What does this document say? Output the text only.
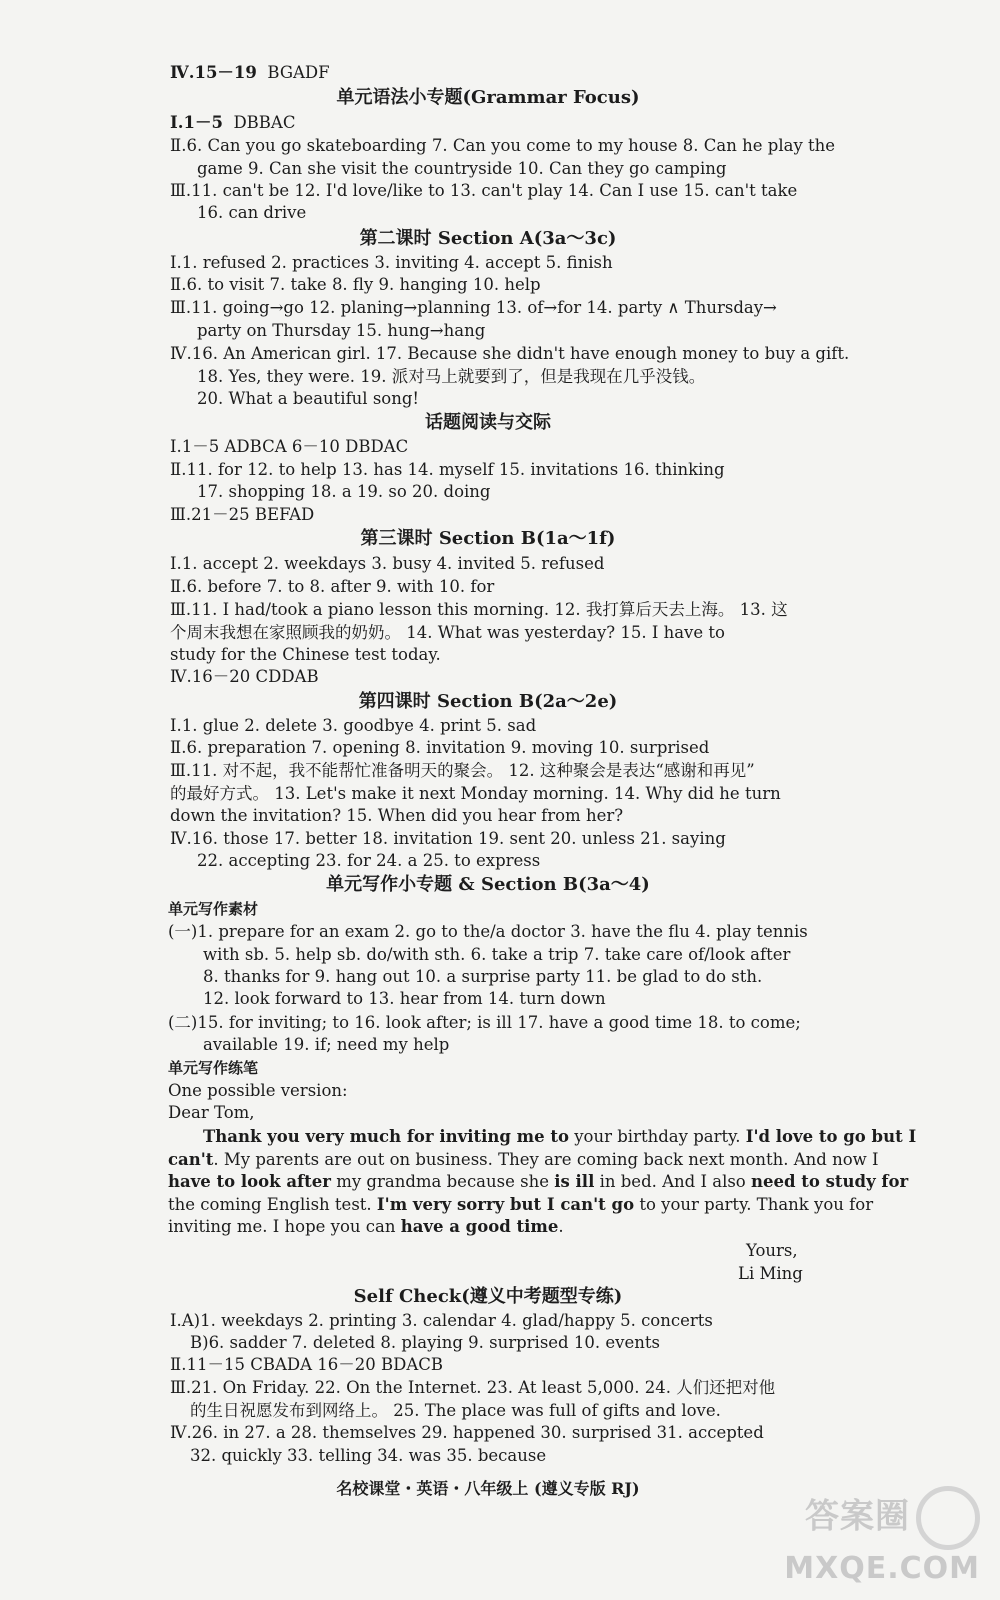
Ⅳ.15－19 BGADF
单元语法小专题(Grammar Focus)
Ⅰ.1－5 DBBAC
Ⅱ.6. Can you go skateboarding 7. Can you come to my house 8. Can he play the
game 9. Can she visit the countryside 10. Can they go camping
Ⅲ.11. can't be 12. I'd love/like to 13. can't play 14. Can I use 15. can't take
16. can drive
第二课时 Section A(3a～3c)
Ⅰ.1. refused 2. practices 3. inviting 4. accept 5. finish
Ⅱ.6. to visit 7. take 8. fly 9. hanging 10. help
Ⅲ.11. going→go 12. planing→planning 13. of→for 14. party ∧ Thursday→
party on Thursday 15. hung→hang
Ⅳ.16. An American girl. 17. Because she didn't have enough money to buy a gift.
18. Yes, they were. 19. 派对马上就要到了，但是我现在几乎没钱。
20. What a beautiful song!
话题阅读与交际
Ⅰ.1－5 ADBCA 6－10 DBDAC
Ⅱ.11. for 12. to help 13. has 14. myself 15. invitations 16. thinking
17. shopping 18. a 19. so 20. doing
Ⅲ.21－25 BEFAD
第三课时 Section B(1a～1f)
Ⅰ.1. accept 2. weekdays 3. busy 4. invited 5. refused
Ⅱ.6. before 7. to 8. after 9. with 10. for
Ⅲ.11. I had/took a piano lesson this morning. 12. 我打算后天去上海。 13. 这
个周末我想在家照顾我的奶奶。 14. What was yesterday? 15. I have to
study for the Chinese test today.
Ⅳ.16－20 CDDAB
第四课时 Section B(2a～2e)
Ⅰ.1. glue 2. delete 3. goodbye 4. print 5. sad
Ⅱ.6. preparation 7. opening 8. invitation 9. moving 10. surprised
Ⅲ.11. 对不起，我不能帮忙准备明天的聚会。 12. 这种聚会是表达“感谢和再见”
的最好方式。 13. Let's make it next Monday morning. 14. Why did he turn
down the invitation? 15. When did you hear from her?
Ⅳ.16. those 17. better 18. invitation 19. sent 20. unless 21. saying
22. accepting 23. for 24. a 25. to express
单元写作小专题 & Section B(3a～4)
单元写作素材
(一)1. prepare for an exam 2. go to the/a doctor 3. have the flu 4. play tennis
with sb. 5. help sb. do/with sth. 6. take a trip 7. take care of/look after
8. thanks for 9. hang out 10. a surprise party 11. be glad to do sth.
12. look forward to 13. hear from 14. turn down
(二)15. for inviting; to 16. look after; is ill 17. have a good time 18. to come;
available 19. if; need my help
单元写作练笔
One possible version:
Dear Tom,
Thank you very much for inviting me to your birthday party. I'd love to go but I
can't. My parents are out on business. They are coming back next month. And now I
have to look after my grandma because she is ill in bed. And I also need to study for
the coming English test. I'm very sorry but I can't go to your party. Thank you for
inviting me. I hope you can have a good time.
Yours,
Li Ming
Self Check(遵义中考题型专练)
Ⅰ.A)1. weekdays 2. printing 3. calendar 4. glad/happy 5. concerts
B)6. sadder 7. deleted 8. playing 9. surprised 10. events
Ⅱ.11－15 CBADA 16－20 BDACB
Ⅲ.21. On Friday. 22. On the Internet. 23. At least 5,000. 24. 人们还把对他
的生日祝愿发布到网络上。 25. The place was full of gifts and love.
Ⅳ.26. in 27. a 28. themselves 29. happened 30. surprised 31. accepted
32. quickly 33. telling 34. was 35. because
名校课堂・英语・八年级上 (遵义专版 RJ)
答案圈
MXQE.COM
